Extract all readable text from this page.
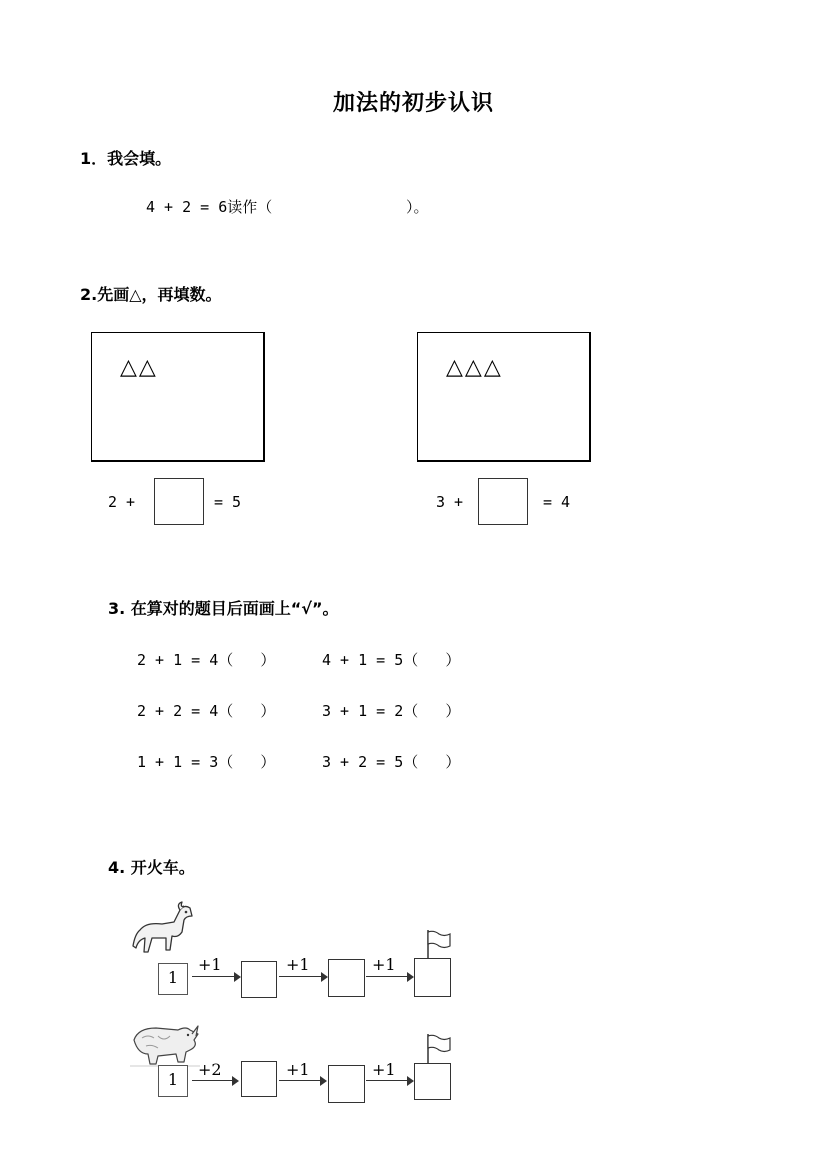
加法的初步认识
1．我会填。
4 + 2 = 6读作（	）。
2.先画△，再填数。
△△	△△△
2 +	= 5	3 +	= 4
3. 在算对的题目后面画上“√”。
2 + 1 = 4（   ）	4 + 1 = 5（   ）
2 + 2 = 4（   ）	3 + 1 = 2（   ）
1 + 1 = 3（   ）	3 + 2 = 5（   ）
4. 开火车。
1
+1	+1	+1
1
+2	+1	+1
